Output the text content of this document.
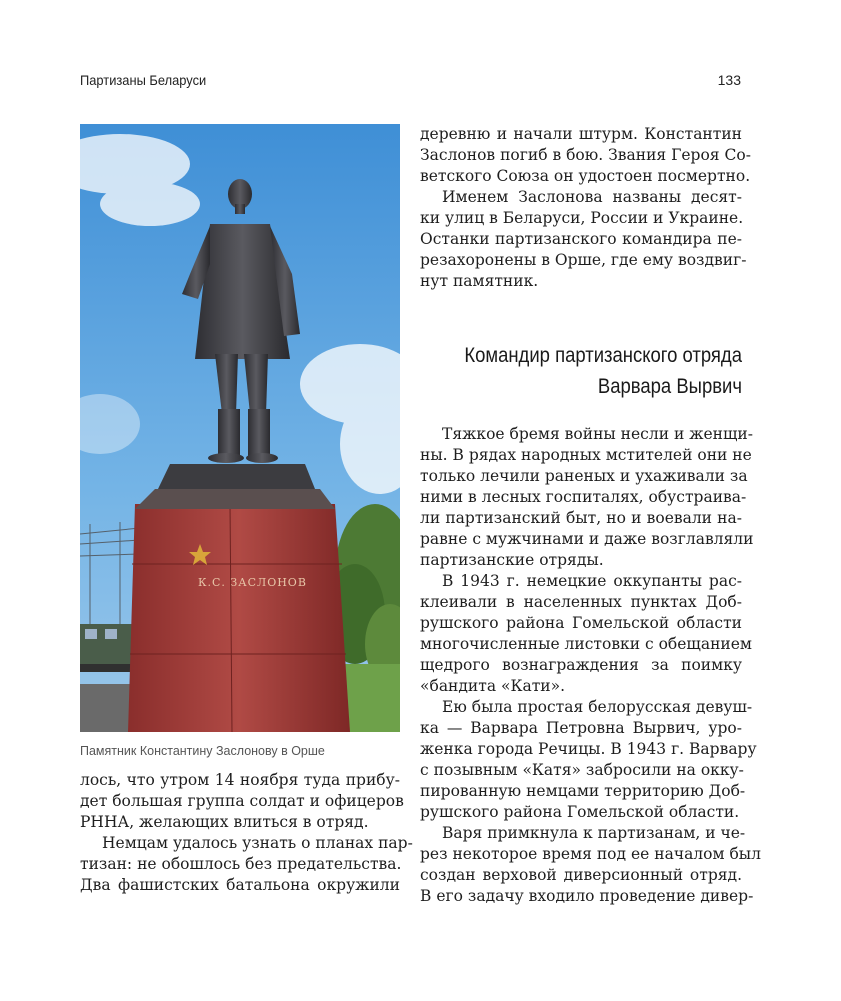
Партизаны Беларуси	133
К.С. ЗАСЛОНОВ
Памятник Константину Заслонову в Орше
лось, что утром 14 ноября туда прибу-
дет большая группа солдат и офицеров
РННА, желающих влиться в отряд.
Немцам удалось узнать о планах пар-
тизан: не обошлось без предательства.
Два фашистских батальона окружили
деревню и начали штурм. Константин
Заслонов погиб в бою. Звания Героя Со-
ветского Союза он удостоен посмертно.
Именем Заслонова названы десят-
ки улиц в Беларуси, России и Украине.
Останки партизанского командира пе-
резахоронены в Орше, где ему воздвиг-
нут памятник.
Командир партизанского отряда
Варвара Вырвич
Тяжкое бремя войны несли и женщи-
ны. В рядах народных мстителей они не
только лечили раненых и ухаживали за
ними в лесных госпиталях, обустраива-
ли партизанский быт, но и воевали на-
равне с мужчинами и даже возглавляли
партизанские отряды.
В 1943 г. немецкие оккупанты рас-
клеивали в населенных пунктах Доб-
рушского района Гомельской области
многочисленные листовки с обещанием
щедрого вознаграждения за поимку
«бандита «Кати».
Ею была простая белорусская девуш-
ка — Варвара Петровна Вырвич, уро-
женка города Речицы. В 1943 г. Варвару
с позывным «Катя» забросили на окку-
пированную немцами территорию Доб-
рушского района Гомельской области.
Варя примкнула к партизанам, и че-
рез некоторое время под ее началом был
создан верховой диверсионный отряд.
В его задачу входило проведение дивер-
